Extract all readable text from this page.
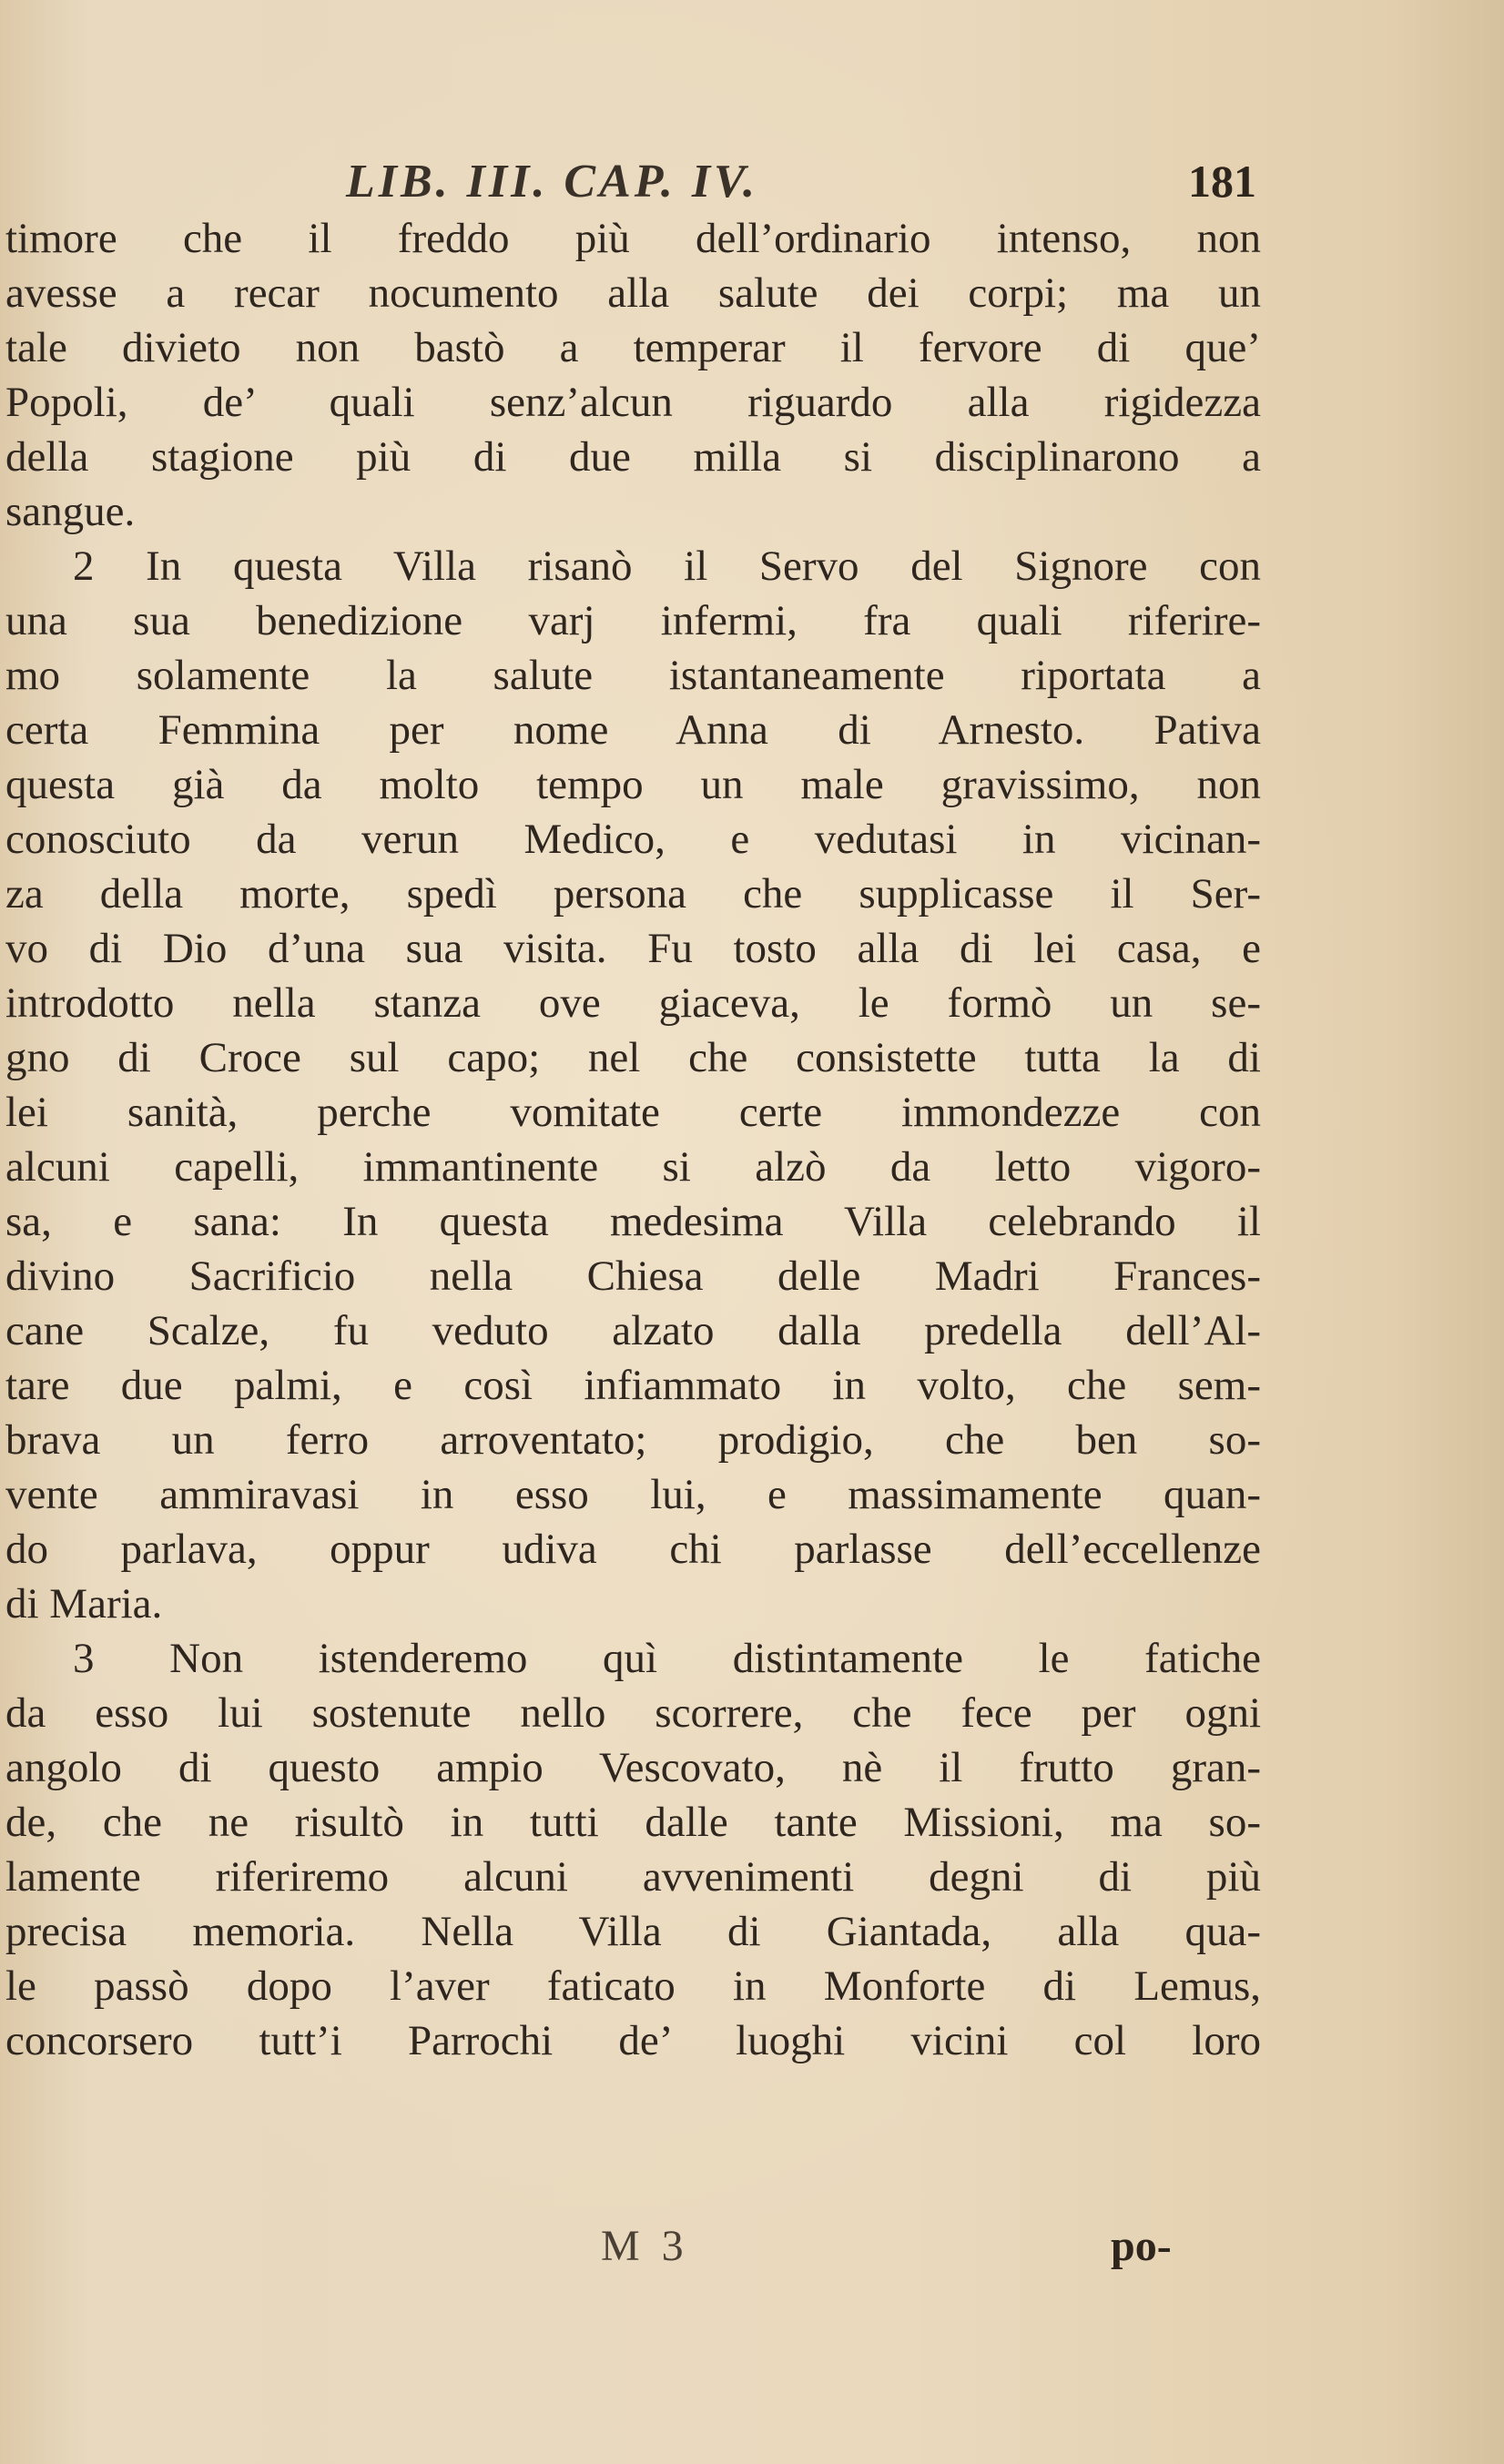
LIB. III. CAP. IV.	181
timore che il freddo più dell’ordinario intenso, non
avesse a recar nocumento alla salute dei corpi; ma un
tale divieto non bastò a temperar il fervore di que’
Popoli, de’ quali senz’alcun riguardo alla rigidezza
della stagione più di due milla si disciplinarono a
sangue.
2 In questa Villa risanò il Servo del Signore con
una sua benedizione varj infermi, fra quali riferire-
mo solamente la salute istantaneamente riportata a
certa Femmina per nome Anna di Arnesto. Pativa
questa già da molto tempo un male gravissimo, non
conosciuto da verun Medico, e vedutasi in vicinan-
za della morte, spedì persona che supplicasse il Ser-
vo di Dio d’una sua visita. Fu tosto alla di lei casa, e
introdotto nella stanza ove giaceva, le formò un se-
gno di Croce sul capo; nel che consistette tutta la di
lei sanità, perche vomitate certe immondezze con
alcuni capelli, immantinente si alzò da letto vigoro-
sa, e sana: In questa medesima Villa celebrando il
divino Sacrificio nella Chiesa delle Madri Frances-
cane Scalze, fu veduto alzato dalla predella dell’Al-
tare due palmi, e così infiammato in volto, che sem-
brava un ferro arroventato; prodigio, che ben so-
vente ammiravasi in esso lui, e massimamente quan-
do parlava, oppur udiva chi parlasse dell’eccellenze
di Maria.
3 Non istenderemo quì distintamente le fatiche
da esso lui sostenute nello scorrere, che fece per ogni
angolo di questo ampio Vescovato, nè il frutto gran-
de, che ne risultò in tutti dalle tante Missioni, ma so-
lamente riferiremo alcuni avvenimenti degni di più
precisa memoria. Nella Villa di Giantada, alla qua-
le passò dopo l’aver faticato in Monforte di Lemus,
concorsero tutt’i Parrochi de’ luoghi vicini col loro
M 3	po-
